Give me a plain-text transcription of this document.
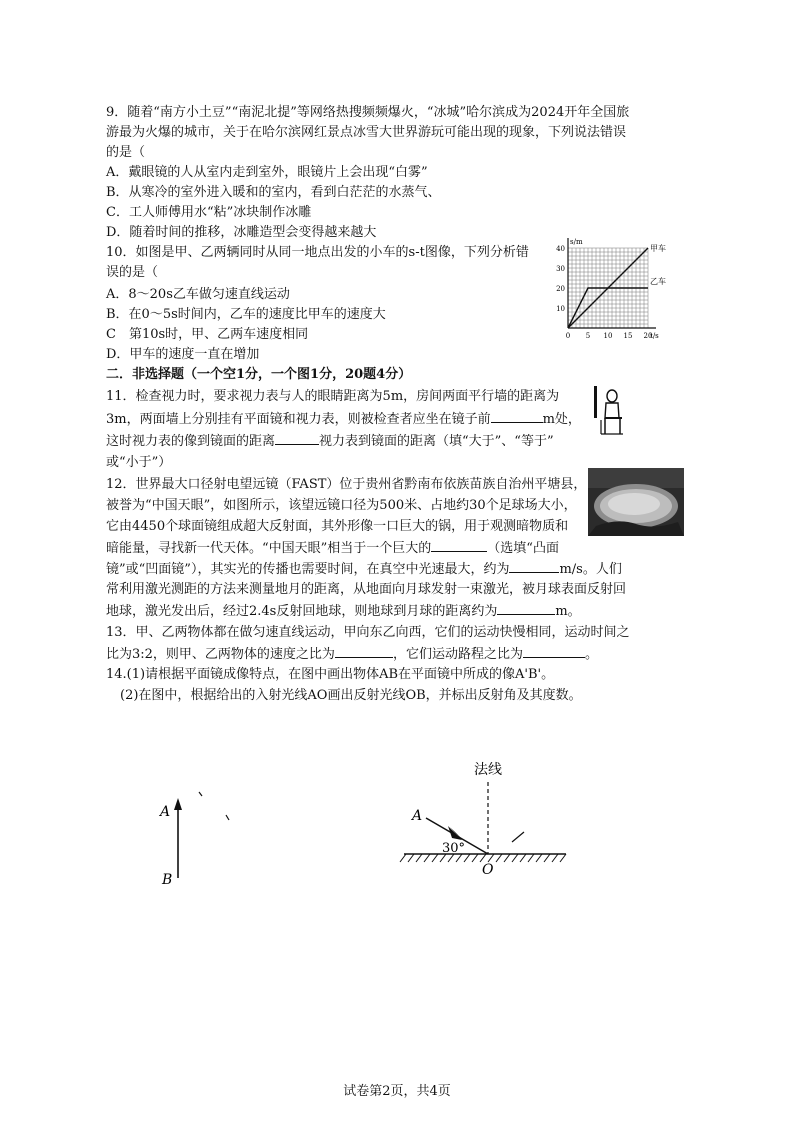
9．随着“南方小土豆”“南泥北提”等网络热搜频频爆火，“冰城”哈尔滨成为2024开年全国旅
游最为火爆的城市，关于在哈尔滨网红景点冰雪大世界游玩可能出现的现象，下列说法错误
的是（
A．戴眼镜的人从室内走到室外，眼镜片上会出现“白雾”
B．从寒冷的室外进入暖和的室内，看到白茫茫的水蒸气、
C．工人师傅用水“粘”冰块制作冰雕
D．随着时间的推移，冰雕造型会变得越来越大
10．如图是甲、乙两辆同时从同一地点出发的小车的s-t图像，下列分析错
误的是（
A．8～20s乙车做匀速直线运动
B．在0～5s时间内，乙车的速度比甲车的速度大
C　第10s时，甲、乙两车速度相同
D．甲车的速度一直在增加
0 5 10 15 20
10
20
30
40
s/m
t/s
甲车
乙车
二．非选择题（一个空1分，一个图1分，20题4分）
11．检查视力时，要求视力表与人的眼睛距离为5m，房间两面平行墙的距离为
3m，两面墙上分别挂有平面镜和视力表，则被检查者应坐在镜子前	m处，
这时视力表的像到镜面的距离	视力表到镜面的距离（填“大于”、“等于”
或“小于”）
12．世界最大口径射电望远镜（FAST）位于贵州省黔南布依族苗族自治州平塘县，
被誉为“中国天眼”，如图所示，该望远镜口径为500米、占地约30个足球场大小，
它由4450个球面镜组成超大反射面，其外形像一口巨大的锅，用于观测暗物质和
暗能量，寻找新一代天体。“中国天眼”相当于一个巨大的	（选填“凸面
镜”或“凹面镜”），其实光的传播也需要时间，在真空中光速最大，约为	m/s。人们
常利用激光测距的方法来测量地月的距离，从地面向月球发射一束激光，被月球表面反射回
地球，激光发出后，经过2.4s反射回地球，则地球到月球的距离约为	m。
13．甲、乙两物体都在做匀速直线运动，甲向东乙向西，它们的运动快慢相同，运动时间之
比为3:2，则甲、乙两物体的速度之比为	，它们运动路程之比为	。
14.(1)请根据平面镜成像特点，在图中画出物体AB在平面镜中所成的像A'B'。
(2)在图中，根据给出的入射光线AO画出反射光线OB，并标出反射角及其度数。
A
B
法线
A
30°
O
试卷第2页，共4页
